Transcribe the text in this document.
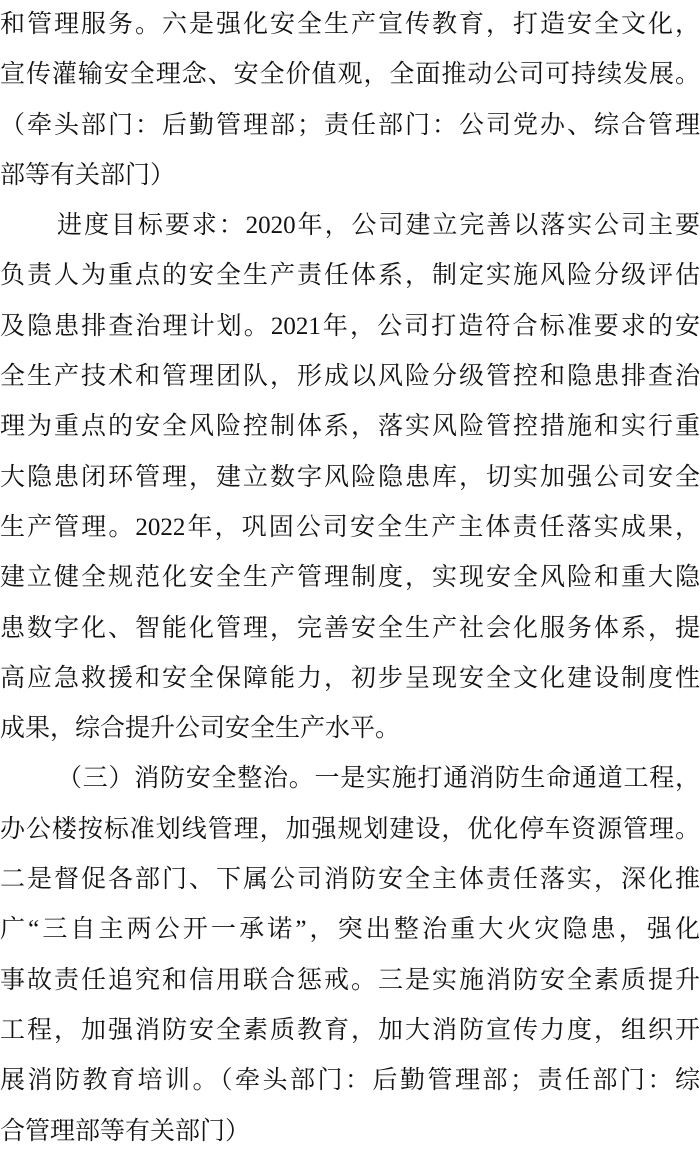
和管理服务。六是强化安全生产宣传教育，打造安全文化，
宣传灌输安全理念、安全价值观，全面推动公司可持续发展。
（牵头部门：后勤管理部；责任部门：公司党办、综合管理
部等有关部门）
进度目标要求：2020年，公司建立完善以落实公司主要
负责人为重点的安全生产责任体系，制定实施风险分级评估
及隐患排查治理计划。2021年，公司打造符合标准要求的安
全生产技术和管理团队，形成以风险分级管控和隐患排查治
理为重点的安全风险控制体系，落实风险管控措施和实行重
大隐患闭环管理，建立数字风险隐患库，切实加强公司安全
生产管理。2022年，巩固公司安全生产主体责任落实成果，
建立健全规范化安全生产管理制度，实现安全风险和重大隐
患数字化、智能化管理，完善安全生产社会化服务体系，提
高应急救援和安全保障能力，初步呈现安全文化建设制度性
成果，综合提升公司安全生产水平。
（三）消防安全整治。一是实施打通消防生命通道工程，
办公楼按标准划线管理，加强规划建设，优化停车资源管理。
二是督促各部门、下属公司消防安全主体责任落实，深化推
广“三自主两公开一承诺”，突出整治重大火灾隐患，强化
事故责任追究和信用联合惩戒。三是实施消防安全素质提升
工程，加强消防安全素质教育，加大消防宣传力度，组织开
展消防教育培训。（牵头部门：后勤管理部；责任部门：综
合管理部等有关部门）
